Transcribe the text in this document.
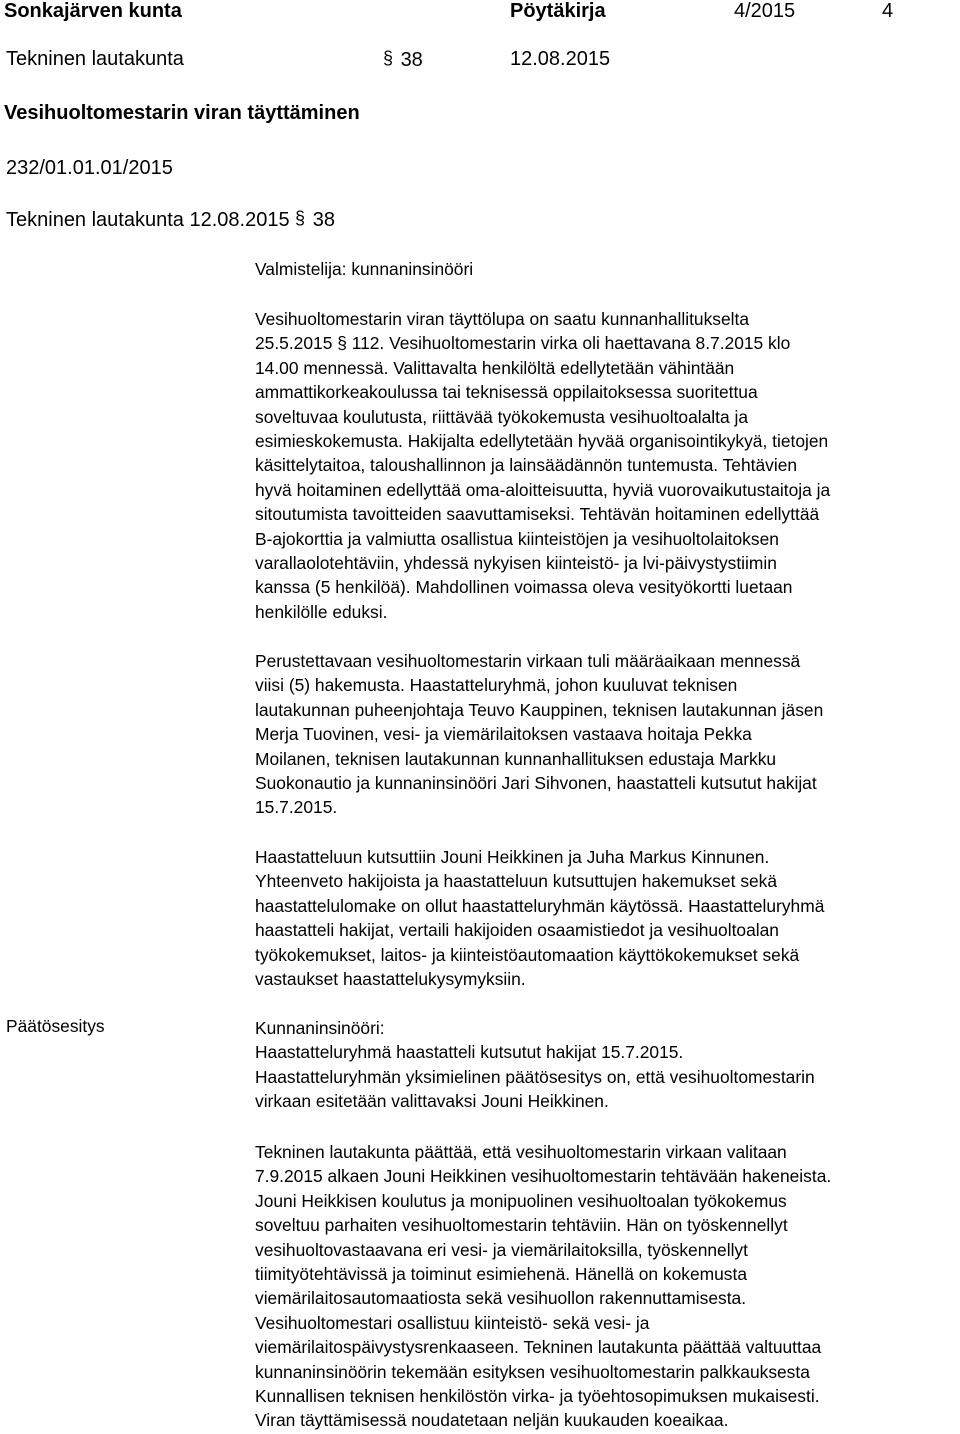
Sonkajärven kunta	Pöytäkirja	4/2015	4
Tekninen lautakunta	§ 38	12.08.2015
Vesihuoltomestarin viran täyttäminen
232/01.01.01/2015
Tekninen lautakunta 12.08.2015 § 38
Valmistelija: kunnaninsinööri
Vesihuoltomestarin viran täyttölupa on saatu kunnanhallitukselta
25.5.2015 § 112. Vesihuoltomestarin virka oli haettavana 8.7.2015 klo
14.00 mennessä. Valittavalta henkilöltä edellytetään vähintään
ammattikorkeakoulussa tai teknisessä oppilaitoksessa suoritettua
soveltuvaa koulutusta, riittävää työkokemusta vesihuoltoalalta ja
esimieskokemusta. Hakijalta edellytetään hyvää organisointikykyä, tietojen
käsittelytaitoa, taloushallinnon ja lainsäädännön tuntemusta. Tehtävien
hyvä hoitaminen edellyttää oma-aloitteisuutta, hyviä vuorovaikutustaitoja ja
sitoutumista tavoitteiden saavuttamiseksi. Tehtävän hoitaminen edellyttää
B-ajokorttia ja valmiutta osallistua kiinteistöjen ja vesihuoltolaitoksen
varallaolotehtäviin, yhdessä nykyisen kiinteistö- ja lvi-päivystystiimin
kanssa (5 henkilöä). Mahdollinen voimassa oleva vesityökortti luetaan
henkilölle eduksi.
Perustettavaan vesihuoltomestarin virkaan tuli määräaikaan mennessä
viisi (5) hakemusta. Haastatteluryhmä, johon kuuluvat teknisen
lautakunnan puheenjohtaja Teuvo Kauppinen, teknisen lautakunnan jäsen
Merja Tuovinen, vesi- ja viemärilaitoksen vastaava hoitaja Pekka
Moilanen, teknisen lautakunnan kunnanhallituksen edustaja Markku
Suokonautio ja kunnaninsinööri Jari Sihvonen, haastatteli kutsutut hakijat
15.7.2015.
Haastatteluun kutsuttiin Jouni Heikkinen ja Juha Markus Kinnunen.
Yhteenveto hakijoista ja haastatteluun kutsuttujen hakemukset sekä
haastattelulomake on ollut haastatteluryhmän käytössä. Haastatteluryhmä
haastatteli hakijat, vertaili hakijoiden osaamistiedot ja vesihuoltoalan
työkokemukset, laitos- ja kiinteistöautomaation käyttökokemukset sekä
vastaukset haastattelukysymyksiin.
Päätösesitys	Kunnaninsinööri:
Haastatteluryhmä haastatteli kutsutut hakijat 15.7.2015.
Haastatteluryhmän yksimielinen päätösesitys on, että vesihuoltomestarin
virkaan esitetään valittavaksi Jouni Heikkinen.
Tekninen lautakunta päättää, että vesihuoltomestarin virkaan valitaan
7.9.2015 alkaen Jouni Heikkinen vesihuoltomestarin tehtävään hakeneista.
Jouni Heikkisen koulutus ja monipuolinen vesihuoltoalan työkokemus
soveltuu parhaiten vesihuoltomestarin tehtäviin. Hän on työskennellyt
vesihuoltovastaavana eri vesi- ja viemärilaitoksilla, työskennellyt
tiimityötehtävissä ja toiminut esimiehenä. Hänellä on kokemusta
viemärilaitosautomaatiosta sekä vesihuollon rakennuttamisesta.
Vesihuoltomestari osallistuu kiinteistö- sekä vesi- ja
viemärilaitospäivystysrenkaaseen. Tekninen lautakunta päättää valtuuttaa
kunnaninsinöörin tekemään esityksen vesihuoltomestarin palkkauksesta
Kunnallisen teknisen henkilöstön virka- ja työehtosopimuksen mukaisesti.
Viran täyttämisessä noudatetaan neljän kuukauden koeaikaa.
